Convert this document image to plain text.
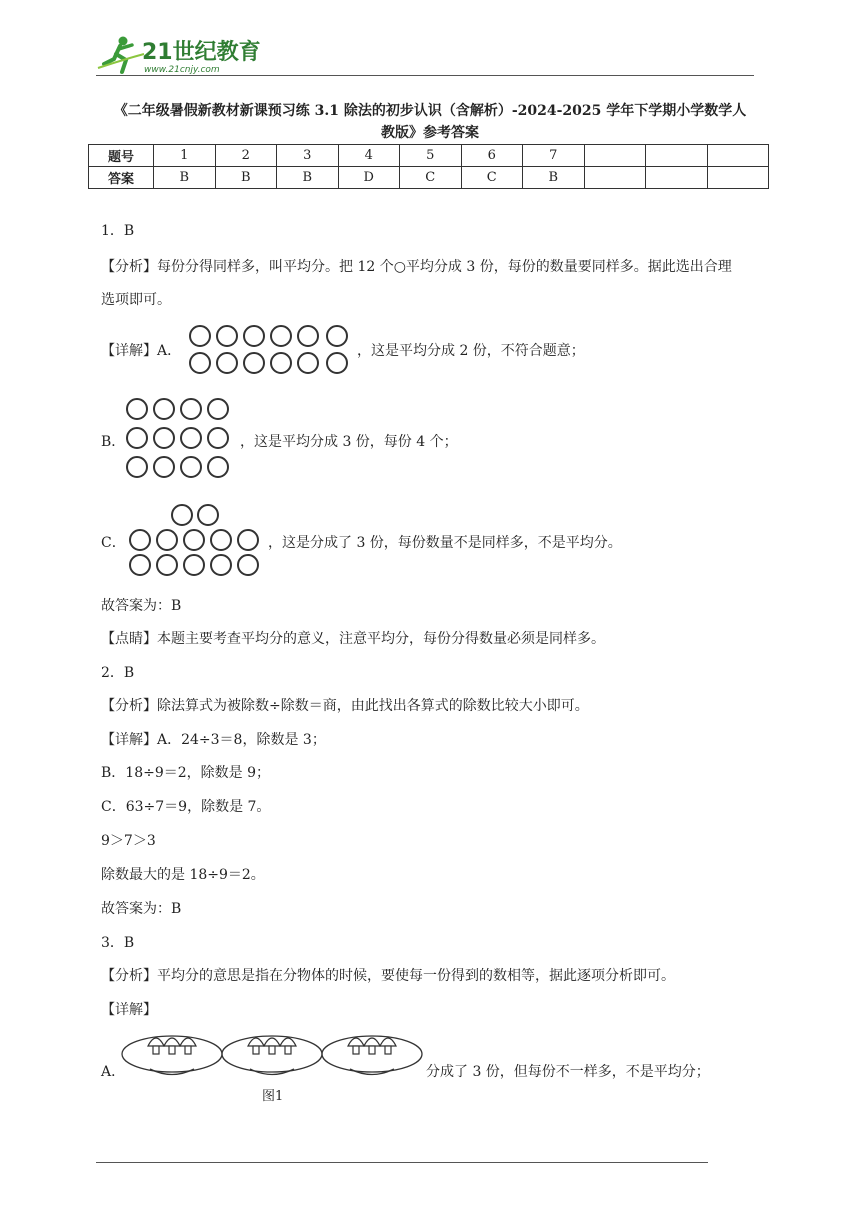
21世纪教育
www.21cnjy.com
《二年级暑假新教材新课预习练 3.1 除法的初步认识（含解析）-2024-2025 学年下学期小学数学人
教版》参考答案
题号	1	2	3	4	5	6	7			
答案	B	B	B	D	C	C	B			
1．B
【分析】每份分得同样多，叫平均分。把 12 个○平均分成 3 份，每份的数量要同样多。据此选出合理
选项即可。
【详解】A．	，这是平均分成 2 份，不符合题意；
B．	，这是平均分成 3 份，每份 4 个；
C．	，这是分成了 3 份，每份数量不是同样多，不是平均分。
故答案为：B
【点睛】本题主要考查平均分的意义，注意平均分，每份分得数量必须是同样多。
2．B
【分析】除法算式为被除数÷除数＝商，由此找出各算式的除数比较大小即可。
【详解】A．24÷3＝8，除数是 3；
B．18÷9＝2，除数是 9；
C．63÷7＝9，除数是 7。
9＞7＞3
除数最大的是 18÷9＝2。
故答案为：B
3．B
【分析】平均分的意思是指在分物体的时候，要使每一份得到的数相等，据此逐项分析即可。
【详解】
A．
图1
分成了 3 份，但每份不一样多，不是平均分；
